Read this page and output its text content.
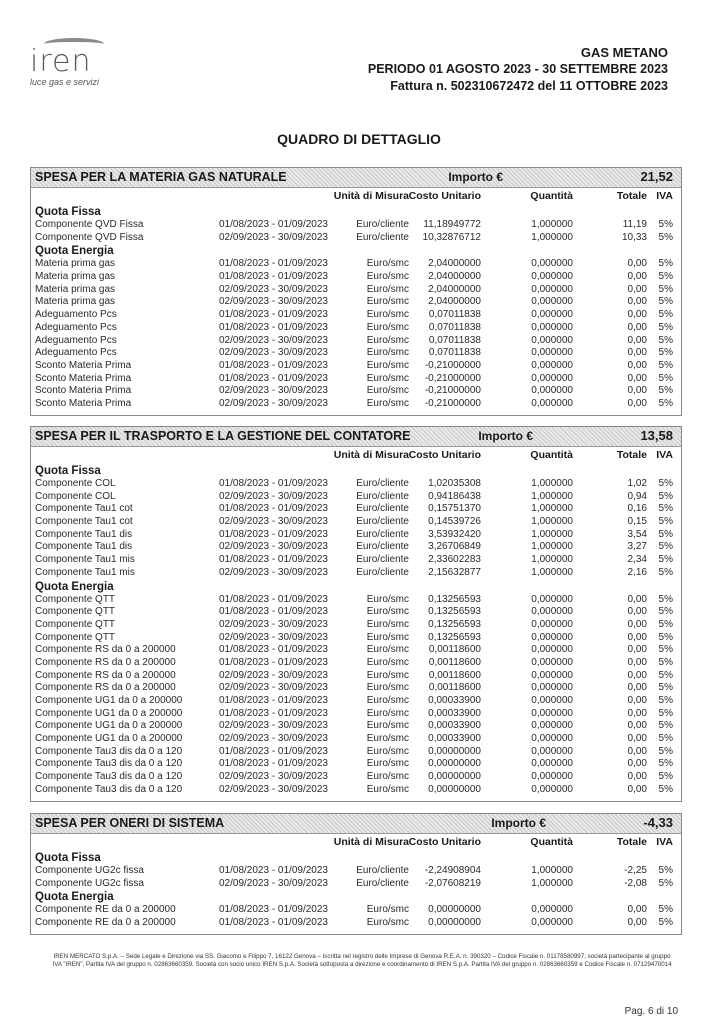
iren
luce gas e servizi
GAS METANO
PERIODO 01 AGOSTO 2023 - 30 SETTEMBRE 2023
Fattura n. 502310672472 del 11 OTTOBRE 2023
QUADRO DI DETTAGLIO
SPESA PER LA MATERIA GAS NATURALE	Importo €	21,52
Unità di Misura Costo Unitario	Quantità	Totale IVA
Quota Fissa
Componente QVD Fissa	01/08/2023 - 01/09/2023	Euro/cliente 11,18949772	1,000000	11,19 5%
Componente QVD Fissa	02/09/2023 - 30/09/2023	Euro/cliente 10,32876712	1,000000	10,33 5%
Quota Energia
Materia prima gas	01/08/2023 - 01/09/2023	Euro/smc 2,04000000	0,000000	0,00 5%
Materia prima gas	01/08/2023 - 01/09/2023	Euro/smc 2,04000000	0,000000	0,00 5%
Materia prima gas	02/09/2023 - 30/09/2023	Euro/smc 2,04000000	0,000000	0,00 5%
Materia prima gas	02/09/2023 - 30/09/2023	Euro/smc 2,04000000	0,000000	0,00 5%
Adeguamento Pcs	01/08/2023 - 01/09/2023	Euro/smc 0,07011838	0,000000	0,00 5%
Adeguamento Pcs	01/08/2023 - 01/09/2023	Euro/smc 0,07011838	0,000000	0,00 5%
Adeguamento Pcs	02/09/2023 - 30/09/2023	Euro/smc 0,07011838	0,000000	0,00 5%
Adeguamento Pcs	02/09/2023 - 30/09/2023	Euro/smc 0,07011838	0,000000	0,00 5%
Sconto Materia Prima	01/08/2023 - 01/09/2023	Euro/smc -0,21000000	0,000000	0,00 5%
Sconto Materia Prima	01/08/2023 - 01/09/2023	Euro/smc -0,21000000	0,000000	0,00 5%
Sconto Materia Prima	02/09/2023 - 30/09/2023	Euro/smc -0,21000000	0,000000	0,00 5%
Sconto Materia Prima	02/09/2023 - 30/09/2023	Euro/smc -0,21000000	0,000000	0,00 5%
SPESA PER IL TRASPORTO E LA GESTIONE DEL CONTATORE	Importo €	13,58
Unità di Misura Costo Unitario	Quantità	Totale IVA
Quota Fissa
Componente COL	01/08/2023 - 01/09/2023	Euro/cliente 1,02035308	1,000000	1,02 5%
Componente COL	02/09/2023 - 30/09/2023	Euro/cliente 0,94186438	1,000000	0,94 5%
Componente Tau1 cot	01/08/2023 - 01/09/2023	Euro/cliente 0,15751370	1,000000	0,16 5%
Componente Tau1 cot	02/09/2023 - 30/09/2023	Euro/cliente 0,14539726	1,000000	0,15 5%
Componente Tau1 dis	01/08/2023 - 01/09/2023	Euro/cliente 3,53932420	1,000000	3,54 5%
Componente Tau1 dis	02/09/2023 - 30/09/2023	Euro/cliente 3,26706849	1,000000	3,27 5%
Componente Tau1 mis	01/08/2023 - 01/09/2023	Euro/cliente 2,33602283	1,000000	2,34 5%
Componente Tau1 mis	02/09/2023 - 30/09/2023	Euro/cliente 2,15632877	1,000000	2,16 5%
Quota Energia
Componente QTT	01/08/2023 - 01/09/2023	Euro/smc 0,13256593	0,000000	0,00 5%
Componente QTT	01/08/2023 - 01/09/2023	Euro/smc 0,13256593	0,000000	0,00 5%
Componente QTT	02/09/2023 - 30/09/2023	Euro/smc 0,13256593	0,000000	0,00 5%
Componente QTT	02/09/2023 - 30/09/2023	Euro/smc 0,13256593	0,000000	0,00 5%
Componente RS da 0 a 200000	01/08/2023 - 01/09/2023	Euro/smc 0,00118600	0,000000	0,00 5%
Componente RS da 0 a 200000	01/08/2023 - 01/09/2023	Euro/smc 0,00118600	0,000000	0,00 5%
Componente RS da 0 a 200000	02/09/2023 - 30/09/2023	Euro/smc 0,00118600	0,000000	0,00 5%
Componente RS da 0 a 200000	02/09/2023 - 30/09/2023	Euro/smc 0,00118600	0,000000	0,00 5%
Componente UG1 da 0 a 200000	01/08/2023 - 01/09/2023	Euro/smc 0,00033900	0,000000	0,00 5%
Componente UG1 da 0 a 200000	01/08/2023 - 01/09/2023	Euro/smc 0,00033900	0,000000	0,00 5%
Componente UG1 da 0 a 200000	02/09/2023 - 30/09/2023	Euro/smc 0,00033900	0,000000	0,00 5%
Componente UG1 da 0 a 200000	02/09/2023 - 30/09/2023	Euro/smc 0,00033900	0,000000	0,00 5%
Componente Tau3 dis da 0 a 120	01/08/2023 - 01/09/2023	Euro/smc 0,00000000	0,000000	0,00 5%
Componente Tau3 dis da 0 a 120	01/08/2023 - 01/09/2023	Euro/smc 0,00000000	0,000000	0,00 5%
Componente Tau3 dis da 0 a 120	02/09/2023 - 30/09/2023	Euro/smc 0,00000000	0,000000	0,00 5%
Componente Tau3 dis da 0 a 120	02/09/2023 - 30/09/2023	Euro/smc 0,00000000	0,000000	0,00 5%
SPESA PER ONERI DI SISTEMA	Importo €	-4,33
Unità di Misura Costo Unitario	Quantità	Totale IVA
Quota Fissa
Componente UG2c fissa	01/08/2023 - 01/09/2023	Euro/cliente -2,24908904	1,000000	-2,25 5%
Componente UG2c fissa	02/09/2023 - 30/09/2023	Euro/cliente -2,07608219	1,000000	-2,08 5%
Quota Energia
Componente RE da 0 a 200000	01/08/2023 - 01/09/2023	Euro/smc 0,00000000	0,000000	0,00 5%
Componente RE da 0 a 200000	01/08/2023 - 01/09/2023	Euro/smc 0,00000000	0,000000	0,00 5%
IREN MERCATO S.p.A. – Sede Legale e Direzione via SS. Giacomo e Filippo 7, 16122 Genova – Iscritta nel registro delle Imprese di Genova R.E.A. n. 390320 – Codice Fiscale n. 01178580997, società partecipante al gruppo IVA "IREN", Partita IVA del gruppo n. 02863660359. Società con socio unico IREN S.p.A. Società sottoposta a direzione e coordinamento di IREN S.p.A. Partita IVA del gruppo n. 02863660359 e Codice Fiscale n. 07129470014
Pag. 6 di 10
